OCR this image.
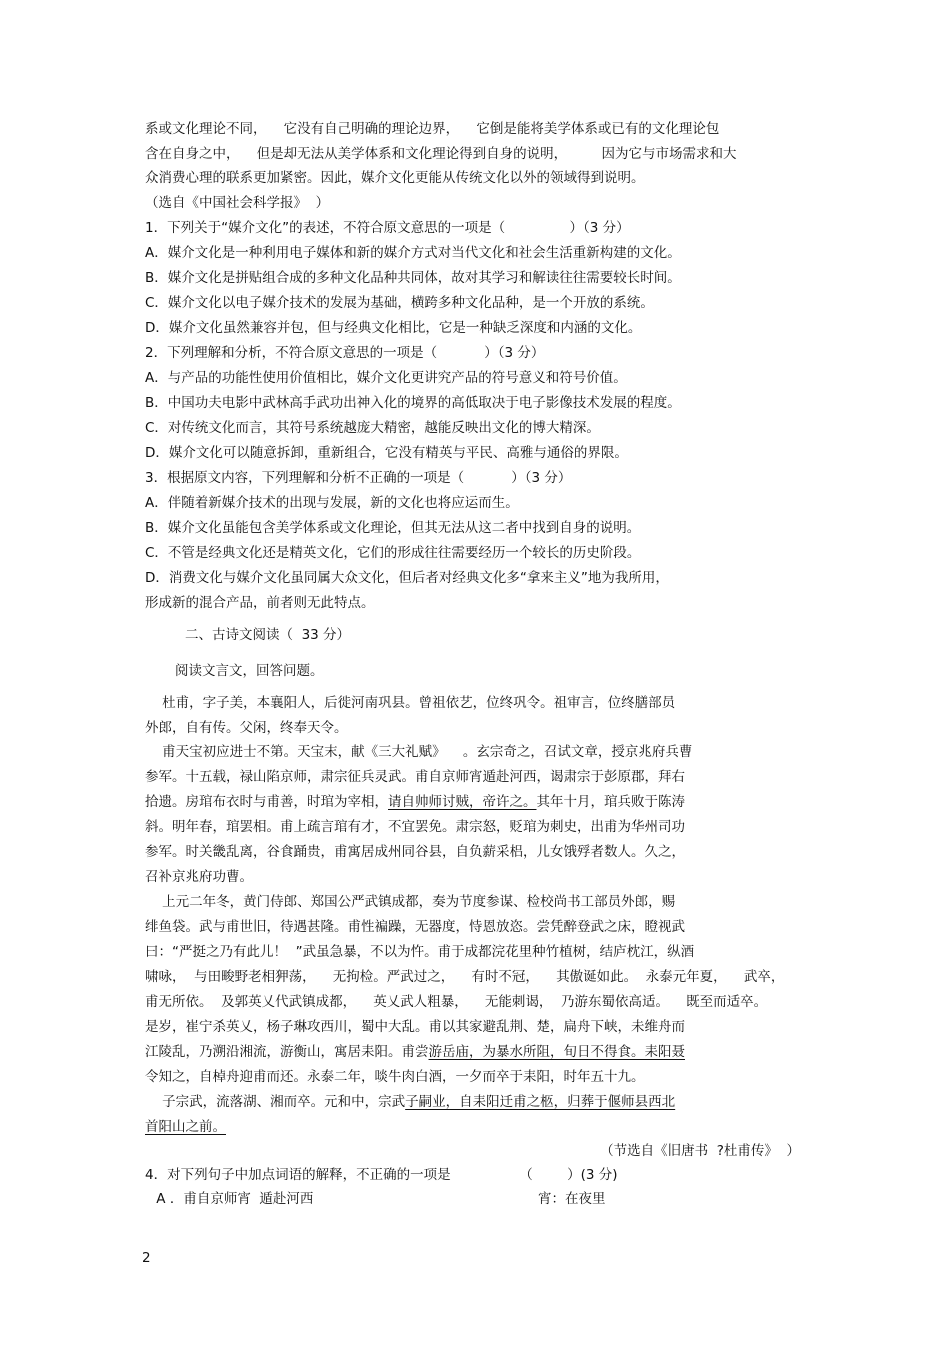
系或文化理论不同，    它没有自己明确的理论边界，    它倒是能将美学体系或已有的文化理论包

含在自身之中，    但是却无法从美学体系和文化理论得到自身的说明，        因为它与市场需求和大

众消费心理的联系更加紧密。因此，媒介文化更能从传统文化以外的领域得到说明。

（选自《中国社会科学报》  ）

1．下列关于“媒介文化”的表述，不符合原文意思的一项是（               ）（3 分）

A．媒介文化是一种利用电子媒体和新的媒介方式对当代文化和社会生活重新构建的文化。

B．媒介文化是拼贴组合成的多种文化品种共同体，故对其学习和解读往往需要较长时间。

C．媒介文化以电子媒介技术的发展为基础，横跨多种文化品种，是一个开放的系统。

D．媒介文化虽然兼容并包，但与经典文化相比，它是一种缺乏深度和内涵的文化。

2．下列理解和分析，不符合原文意思的一项是（           ）（3 分）

A．与产品的功能性使用价值相比，媒介文化更讲究产品的符号意义和符号价值。

B．中国功夫电影中武林高手武功出神入化的境界的高低取决于电子影像技术发展的程度。

C．对传统文化而言，其符号系统越庞大精密，越能反映出文化的博大精深。

D．媒介文化可以随意拆卸，重新组合，它没有精英与平民、高雅与通俗的界限。

3．根据原文内容，下列理解和分析不正确的一项是（           ）（3 分）

A．伴随着新媒介技术的出现与发展，新的文化也将应运而生。

B．媒介文化虽能包含美学体系或文化理论，但其无法从这二者中找到自身的说明。

C．不管是经典文化还是精英文化，它们的形成往往需要经历一个较长的历史阶段。

D．消费文化与媒介文化虽同属大众文化，但后者对经典文化多“拿来主义”地为我所用，

形成新的混合产品，前者则无此特点。

二、古诗文阅读（  33 分）

阅读文言文，回答问题。

杜甫，字子美，本襄阳人，后徙河南巩县。曾祖依艺，位终巩令。祖审言，位终膳部员

外郎，自有传。父闲，终奉天令。

甫天宝初应进士不第。天宝末，献《三大礼赋》    。玄宗奇之，召试文章，授京兆府兵曹

参军。十五载，禄山陷京师，肃宗征兵灵武。甫自京师宵遁赴河西，谒肃宗于彭原郡，拜右

拾遗。房琯布衣时与甫善，时琯为宰相，请自帅师讨贼，帝许之。其年十月，琯兵败于陈涛

斜。明年春，琯罢相。甫上疏言琯有才，不宜罢免。肃宗怒，贬琯为刺史，出甫为华州司功

参军。时关畿乱离，谷食踊贵，甫寓居成州同谷县，自负薪采梠，儿女饿殍者数人。久之，

召补京兆府功曹。

上元二年冬，黄门侍郎、郑国公严武镇成都，奏为节度参谋、检校尚书工部员外郎，赐

绯鱼袋。武与甫世旧，待遇甚隆。甫性褊躁，无器度，恃恩放恣。尝凭醉登武之床，瞪视武

曰：“严挺之乃有此儿！  ”武虽急暴，不以为忤。甫于成都浣花里种竹植树，结庐枕江，纵酒

啸咏，  与田畯野老相狎荡，    无拘检。严武过之，    有时不冠，    其傲诞如此。  永泰元年夏，    武卒，

甫无所依。  及郭英乂代武镇成都，    英乂武人粗暴，    无能刺谒，  乃游东蜀依高适。    既至而适卒。

是岁，崔宁杀英乂，杨子琳攻西川，蜀中大乱。甫以其家避乱荆、楚，扁舟下峡，未维舟而

江陵乱，乃溯沿湘流，游衡山，寓居耒阳。甫尝游岳庙，为暴水所阻，旬日不得食。耒阳聂

令知之，自棹舟迎甫而还。永泰二年，啖牛肉白酒，一夕而卒于耒阳，时年五十九。

子宗武，流落湖、湘而卒。元和中，宗武子嗣业，自耒阳迁甫之柩，归葬于偃师县西北

首阳山之前。

（节选自《旧唐书  ?杜甫传》  ）

4．对下列句子中加点词语的解释，不正确的一项是                （        ）(3 分)

A ．甫自京师宵  遁赴河西	宵：在夜里
2
